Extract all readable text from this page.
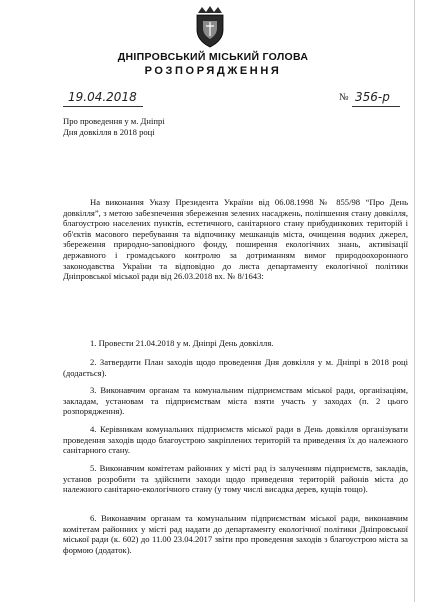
ДНІПРОВСЬКИЙ МІСЬКИЙ ГОЛОВА
РОЗПОРЯДЖЕННЯ
19.04.2018	№ 356-р
Про проведення у м. Дніпрі
Дня довкілля в 2018 році
На виконання Указу Президента України від 06.08.1998 № 855/98 “Про День довкілля”, з метою забезпечення збереження зелених насаджень, поліпшення стану довкілля, благоустрою населених пунктів, естетичного, санітарного стану прибудинкових територій і об'єктів масового перебування та відпочинку мешканців міста, очищення водних джерел, збереження природно-заповідного фонду, поширення екологічних знань, активізації державного і громадського контролю за дотриманням вимог природоохоронного законодавства України та відповідно до листа департаменту екологічної політики Дніпровської міської ради від 26.03.2018 вх. № 8/1643:
1. Провести 21.04.2018 у м. Дніпрі День довкілля.
2. Затвердити План заходів щодо проведення Дня довкілля у м. Дніпрі в 2018 році (додається).
3. Виконавчим органам та комунальним підприємствам міської ради, організаціям, закладам, установам та підприємствам міста взяти участь у заходах (п. 2 цього розпорядження).
4. Керівникам комунальних підприємств міської ради в День довкілля організувати проведення заходів щодо благоустрою закріплених територій та приведення їх до належного санітарного стану.
5. Виконавчим комітетам районних у місті рад із залученням підприємств, закладів, установ розробити та здійснити заходи щодо приведення територій районів міста до належного санітарно-екологічного стану (у тому числі висадка дерев, кущів тощо).
6. Виконавчим органам та комунальним підприємствам міської ради, виконавчим комітетам районних у місті рад надати до департаменту екологічної політики Дніпровської міської ради (к. 602) до 11.00 23.04.2017 звіти про проведення заходів з благоустрою міста за формою (додаток).
